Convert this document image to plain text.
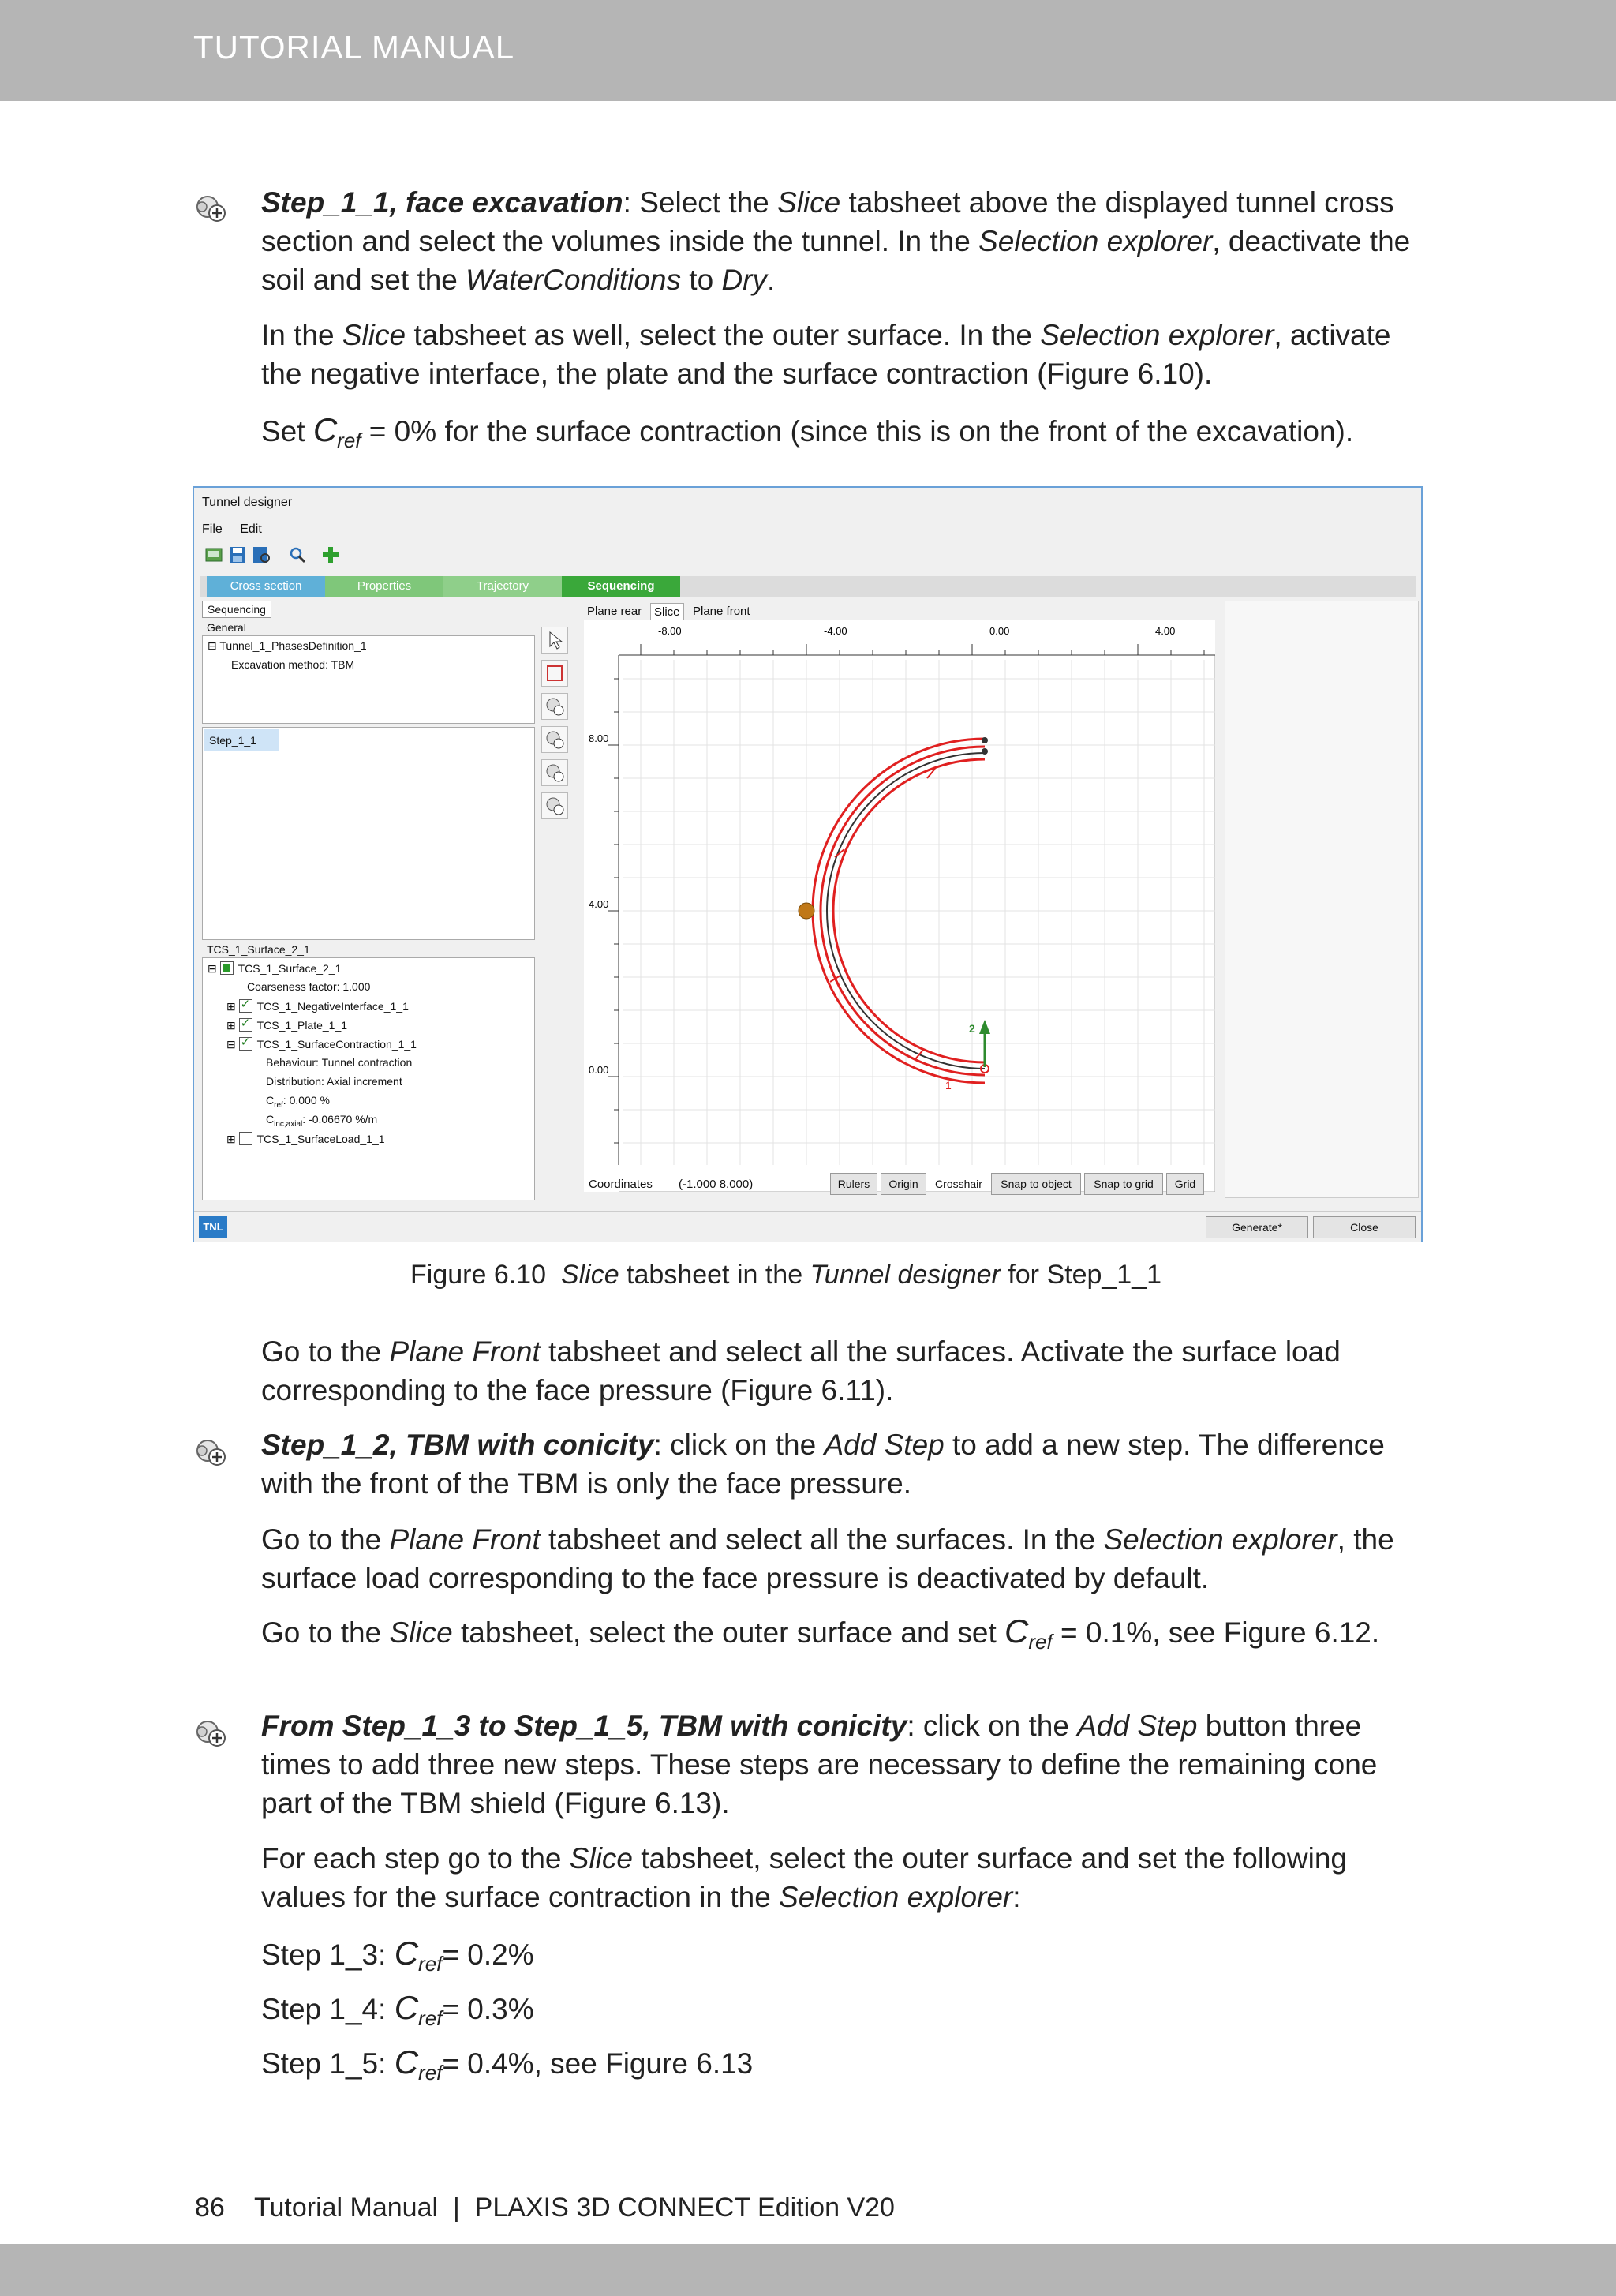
TUTORIAL MANUAL
Step_1_1, face excavation: Select the Slice tabsheet above the displayed tunnel cross section and select the volumes inside the tunnel. In the Selection explorer, deactivate the soil and set the WaterConditions to Dry.
In the Slice tabsheet as well, select the outer surface. In the Selection explorer, activate the negative interface, the plate and the surface contraction (Figure 6.10).
Set $C_{ref} = 0\%$ for the surface contraction (since this is on the front of the excavation).
Tunnel designer
File Edit
Cross section	Properties	Trajectory	Sequencing
Sequencing
General
⊟ Tunnel_1_PhasesDefinition_1
Excavation method: TBM
Step_1_1
TCS_1_Surface_2_1
⊟ TCS_1_Surface_2_1
Coarseness factor: 1.000
⊞ ✓TCS_1_NegativeInterface_1_1
⊞ ✓TCS_1_Plate_1_1
⊟ ✓TCS_1_SurfaceContraction_1_1
Behaviour: Tunnel contraction
Distribution: Axial increment
$C_{ref}$: 0.000 %
$C_{inc,axial}$: -0.06670 %/m
⊞ TCS_1_SurfaceLoad_1_1
Plane rear	Slice	Plane front
-8.00	-4.00	0.00	4.00
8.00
4.00
0.00
2
1
Coordinates (-1.000 8.000)	Rulers	Origin	Crosshair	Snap to object	Snap to grid	Grid
TNL	Generate*	Close
Figure 6.10 Slice tabsheet in the Tunnel designer for Step_1_1
Go to the Plane Front tabsheet and select all the surfaces. Activate the surface load corresponding to the face pressure (Figure 6.11).
Step_1_2, TBM with conicity: click on the Add Step to add a new step. The difference with the front of the TBM is only the face pressure.
Go to the Plane Front tabsheet and select all the surfaces. In the Selection explorer, the surface load corresponding to the face pressure is deactivated by default.
Go to the Slice tabsheet, select the outer surface and set $C_{ref} = 0.1\%$, see Figure 6.12.
From Step_1_3 to Step_1_5, TBM with conicity: click on the Add Step button three times to add three new steps. These steps are necessary to define the remaining cone part of the TBM shield (Figure 6.13).
For each step go to the Slice tabsheet, select the outer surface and set the following values for the surface contraction in the Selection explorer:
Step 1_3: $C_{ref}= 0.2\%$
Step 1_4: $C_{ref}= 0.3\%$
Step 1_5: $C_{ref}= 0.4\%$, see Figure 6.13
86    Tutorial Manual  |  PLAXIS 3D CONNECT Edition V20
